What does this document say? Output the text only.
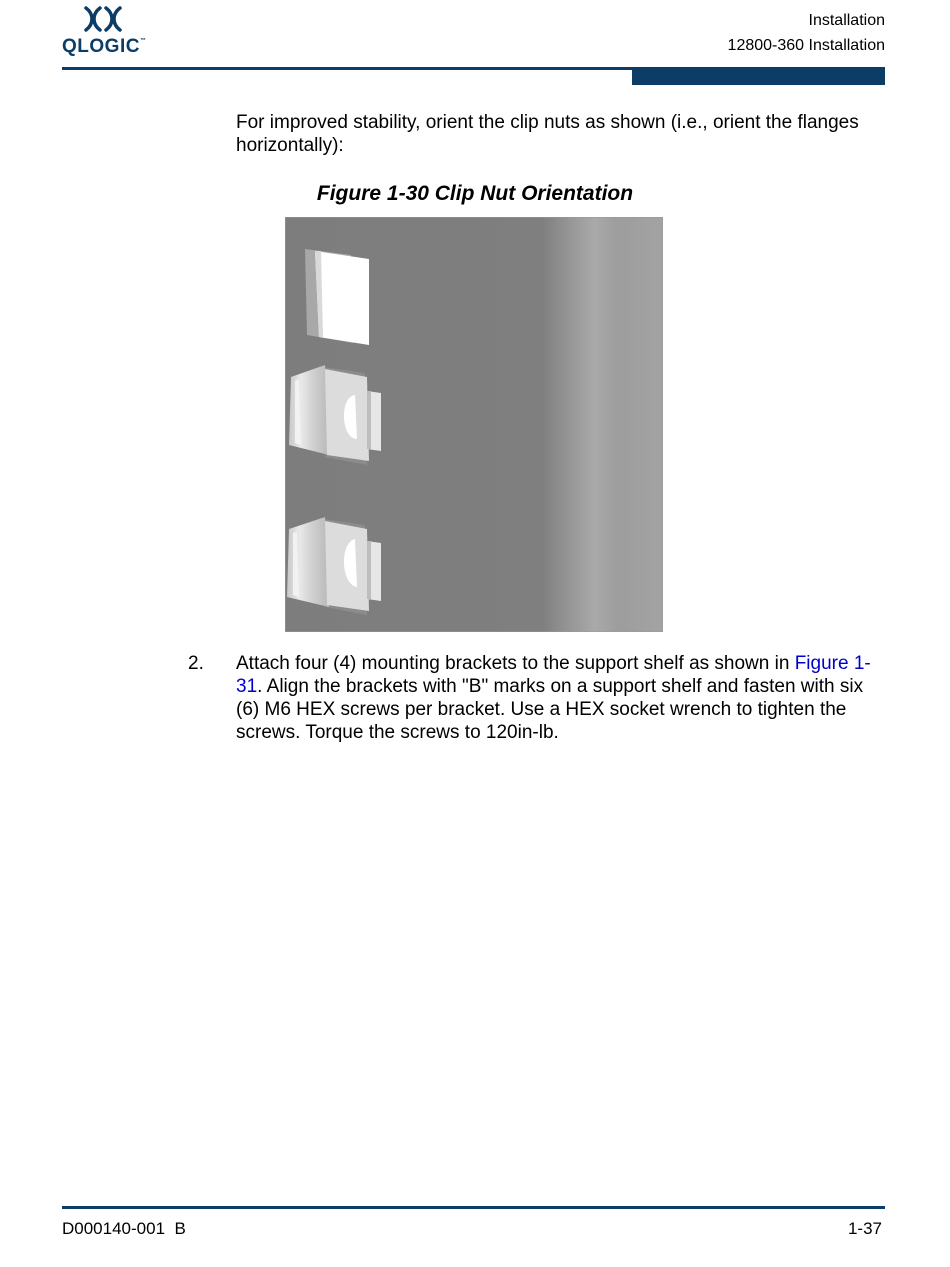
QLOGIC™
Installation
12800-360 Installation
For improved stability, orient the clip nuts as shown (i.e., orient the flanges horizontally):
Figure 1-30 Clip Nut Orientation
2. Attach four (4) mounting brackets to the support shelf as shown in Figure 1-31. Align the brackets with "B" marks on a support shelf and fasten with six (6) M6 HEX screws per bracket. Use a HEX socket wrench to tighten the screws. Torque the screws to 120in-lb.
D000140-001  B	1-37
